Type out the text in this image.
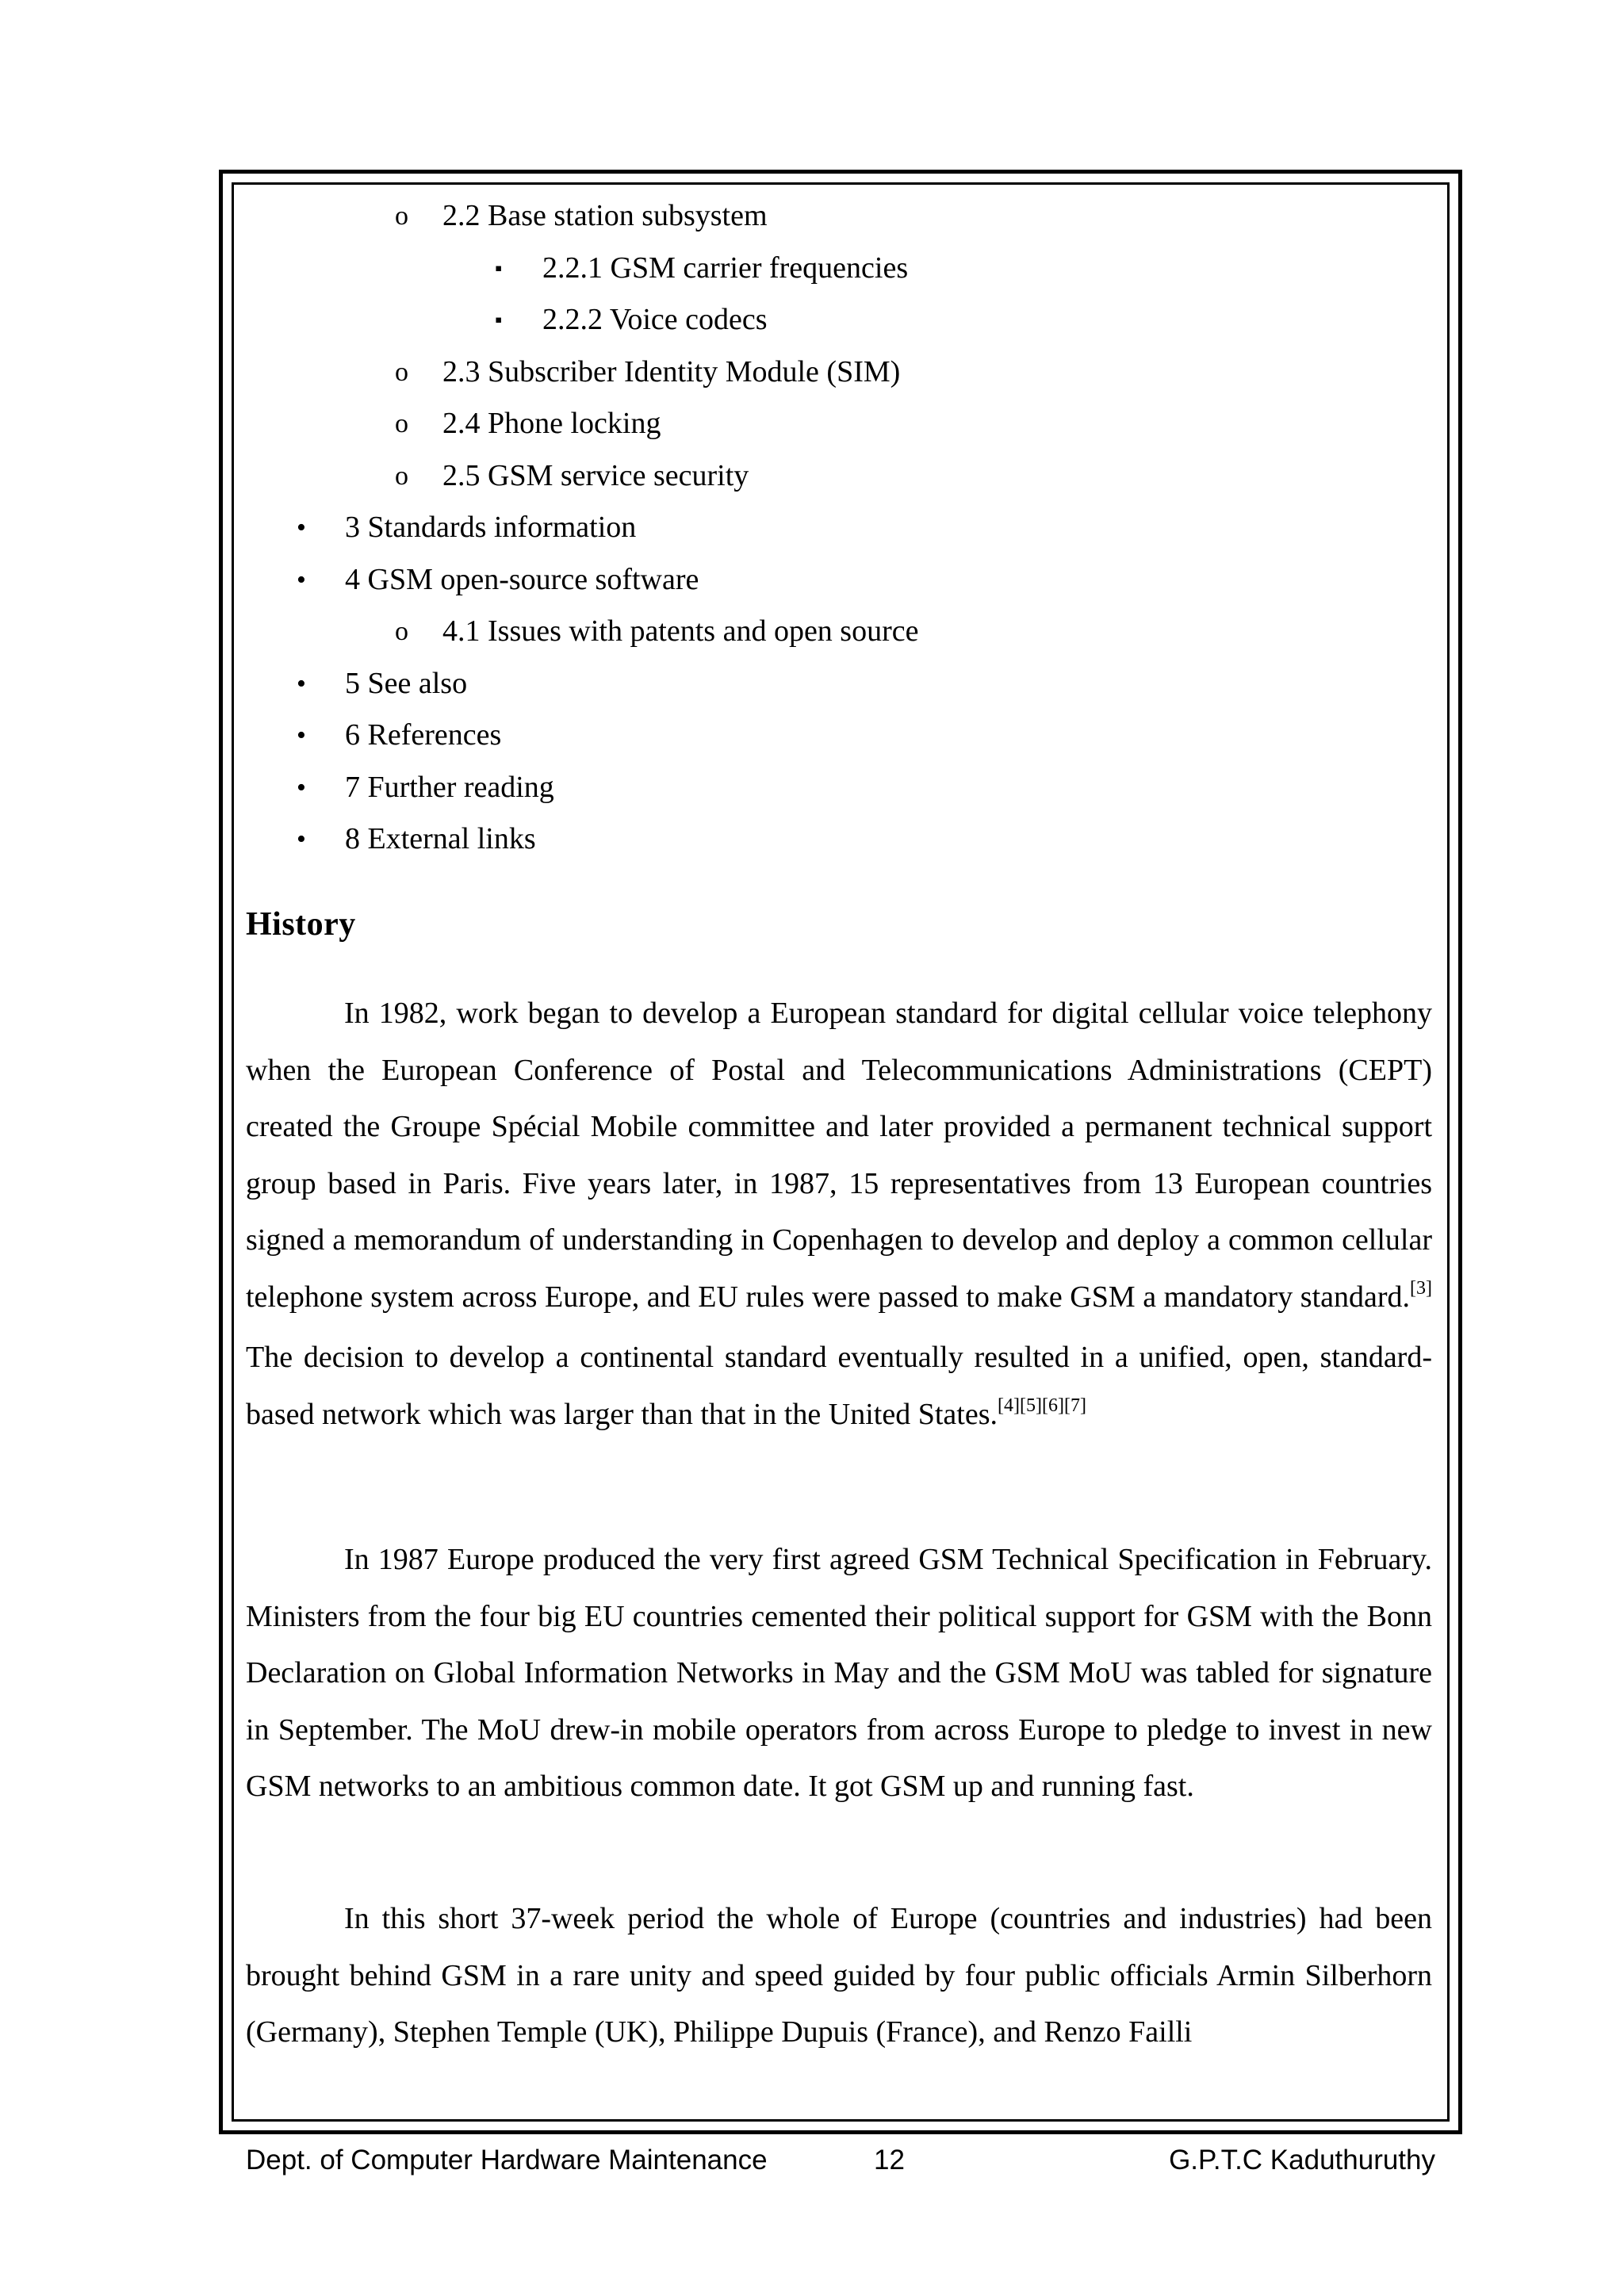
o 2.2 Base station subsystem
▪ 2.2.1 GSM carrier frequencies
▪ 2.2.2 Voice codecs
o 2.3 Subscriber Identity Module (SIM)
o 2.4 Phone locking
o 2.5 GSM service security
• 3 Standards information
• 4 GSM open-source software
o 4.1 Issues with patents and open source
• 5 See also
• 6 References
• 7 Further reading
• 8 External links
History

In 1982, work began to develop a European standard for digital cellular voice telephony when the European Conference of Postal and Telecommunications Administrations (CEPT) created the Groupe Spécial Mobile committee and later provided a permanent technical support group based in Paris. Five years later, in 1987, 15 representatives from 13 European countries signed a memorandum of understanding in Copenhagen to develop and deploy a common cellular telephone system across Europe, and EU rules were passed to make GSM a mandatory standard.[3] The decision to develop a continental standard eventually resulted in a unified, open, standard-based network which was larger than that in the United States.[4][5][6][7]

In 1987 Europe produced the very first agreed GSM Technical Specification in February. Ministers from the four big EU countries cemented their political support for GSM with the Bonn Declaration on Global Information Networks in May and the GSM MoU was tabled for signature in September. The MoU drew-in mobile operators from across Europe to pledge to invest in new GSM networks to an ambitious common date. It got GSM up and running fast.

In this short 37-week period the whole of Europe (countries and industries) had been brought behind GSM in a rare unity and speed guided by four public officials Armin Silberhorn (Germany), Stephen Temple (UK), Philippe Dupuis (France), and Renzo Failli

Dept. of Computer Hardware Maintenance	12	G.P.T.C Kaduthuruthy
